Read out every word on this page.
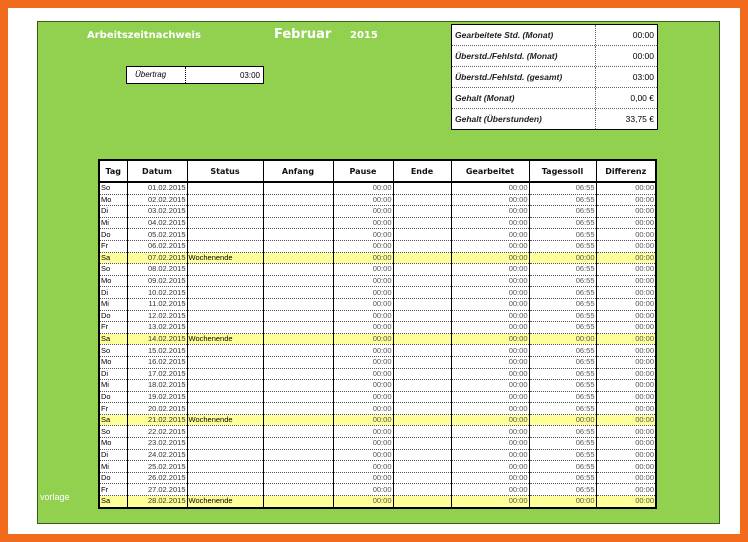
Arbeitszeitnachweis	Februar 2015
Übertrag	03:00
Gearbeitete Std. (Monat)	00:00
Überstd./Fehlstd. (Monat)	00:00
Überstd./Fehlstd. (gesamt)	03:00
Gehalt (Monat)	0,00 €
Gehalt (Überstunden)	33,75 €
Tag	Datum	Status	Anfang	Pause	Ende	Gearbeitet	Tagessoll	Differenz
So	01.02.2015			00:00		00:00	06:55	00:00
Mo	02.02.2015			00:00		00:00	06:55	00:00
Di	03.02.2015			00:00		00:00	06:55	00:00
Mi	04.02.2015			00:00		00:00	06:55	00:00
Do	05.02.2015			00:00		00:00	06:55	00:00
Fr	06.02.2015			00:00		00:00	06:55	00:00
Sa	07.02.2015	Wochenende		00:00		00:00	00:00	00:00
So	08.02.2015			00:00		00:00	06:55	00:00
Mo	09.02.2015			00:00		00:00	06:55	00:00
Di	10.02.2015			00:00		00:00	06:55	00:00
Mi	11.02.2015			00:00		00:00	06:55	00:00
Do	12.02.2015			00:00		00:00	06:55	00:00
Fr	13.02.2015			00:00		00:00	06:55	00:00
Sa	14.02.2015	Wochenende		00:00		00:00	00:00	00:00
So	15.02.2015			00:00		00:00	06:55	00:00
Mo	16.02.2015			00:00		00:00	06:55	00:00
Di	17.02.2015			00:00		00:00	06:55	00:00
Mi	18.02.2015			00:00		00:00	06:55	00:00
Do	19.02.2015			00:00		00:00	06:55	00:00
Fr	20.02.2015			00:00		00:00	06:55	00:00
Sa	21.02.2015	Wochenende		00:00		00:00	00:00	00:00
So	22.02.2015			00:00		00:00	06:55	00:00
Mo	23.02.2015			00:00		00:00	06:55	00:00
Di	24.02.2015			00:00		00:00	06:55	00:00
Mi	25.02.2015			00:00		00:00	06:55	00:00
Do	26.02.2015			00:00		00:00	06:55	00:00
Fr	27.02.2015			00:00		00:00	06:55	00:00
Sa	28.02.2015	Wochenende		00:00		00:00	00:00	00:00
vorlage
